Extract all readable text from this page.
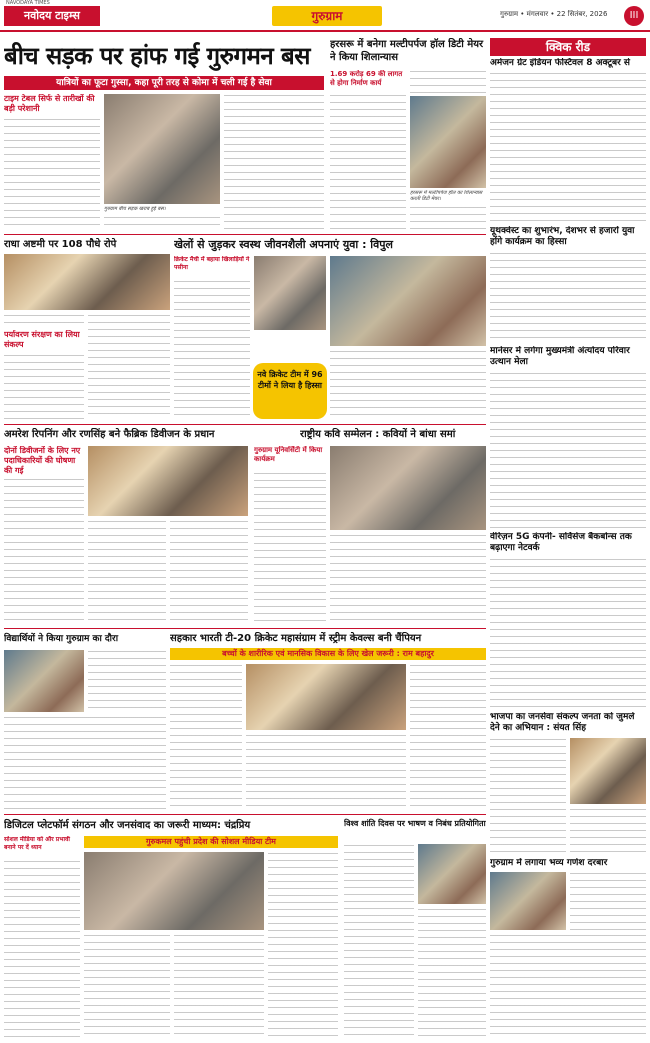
NAVODAYA TIMES
नवोदय टाइम्स	गुरुग्राम	गुरुग्राम • मंगलवार • 22 सितंबर, 2026	III
बीच सड़क पर हांफ गई गुरुगमन बस
यात्रियों का फूटा गुस्सा, कहा पूरी तरह से कोमा में चली गई है सेवा
टाइम टेबल सिर्फ से तारीखों की बड़ी परेशानी
गुरुग्राम बीच सड़क खराब हुई बस।
हरसरू में बनेगा मल्टीपर्पज हॉल डिटी मेयर ने किया शिलान्यास
1.69 करोड़ 69 की लागत से होगा निर्माण कार्य
हरसरू में मल्टीपर्पज हॉल का शिलान्यास करती डिटी मेयर।
क्विक रीड
अमेजन ग्रेट इंडियन फेस्टिवल 8 अक्टूबर से
यूथक्वेस्ट का शुभारंभ, देशभर से हजारों युवा होंगे कार्यक्रम का हिस्सा
मानेसर में लगेगा मुख्यमंत्री अंत्योदय परिवार उत्थान मेला
वेरिज़न 5G कंपनी- सर्विसेज बैकबोन्स तक बढ़ाएगा नेटवर्क
भाजपा का जनसेवा संकल्प जनता को जुमले देने का अभियान : संयत सिंह
गुरुग्राम में लगाया भव्य गणेश दरबार
राधा अष्टमी पर 108 पौधे रोपे
पर्यावरण संरक्षण का लिया संकल्प
खेलों से जुड़कर स्वस्थ जीवनशैली अपनाएं युवा : विपुल
क्रिकेट मैची में बहाया खिलाड़ियों ने पसीना
नवे क्रिकेट टीम में 96 टीमों ने लिया है हिस्सा
अमरेश रिपनिंग और रणसिंह बने फैब्रिक डिवीजन के प्रधान
दोनों डिवीजनों के लिए नए पदाधिकारियों की घोषणा की गई
राष्ट्रीय कवि सम्मेलन : कवियों ने बांधा समां
गुरुग्राम यूनिवर्सिटी में किया कार्यक्रम
विद्यार्थियों ने किया गुरुग्राम का दौरा	सहकार भारती टी-20 क्रिकेट महासंग्राम में स्ट्रीम केवल्स बनी चैंपियन
बच्चों के शारीरिक एवं मानसिक विकास के लिए खेल जरूरी : राम बहादुर
डिजिटल प्लेटफॉर्म संगठन और जनसंवाद का जरूरी माध्यम: चंद्रप्रिय
गुरुकमल पहुंची प्रदेश की सोशल मीडिया टीम
सोशल मीडिया को और प्रभावी बनाने पर दें ध्यान
विश्व शांति दिवस पर भाषण व निबंध प्रतियोगिता
